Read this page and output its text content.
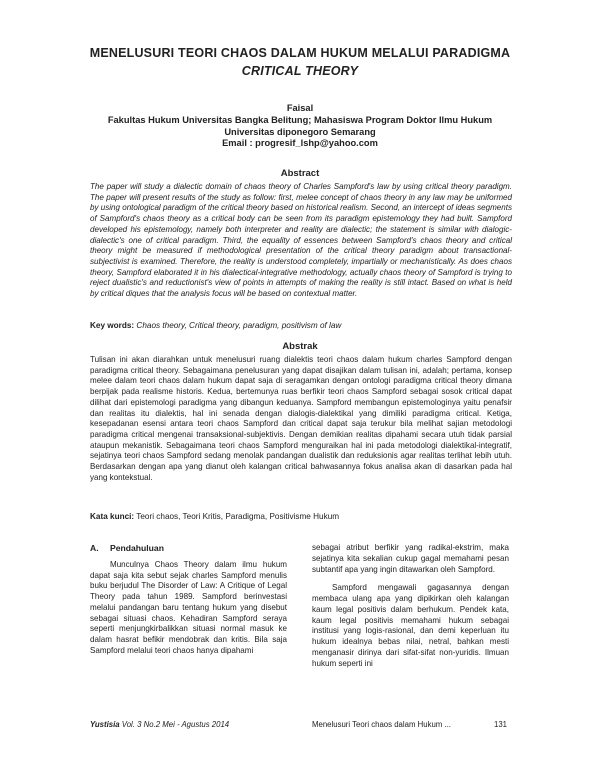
MENELUSURI TEORI CHAOS DALAM HUKUM MELALUI PARADIGMA
CRITICAL THEORY
Faisal
Fakultas Hukum Universitas Bangka Belitung; Mahasiswa Program Doktor Ilmu Hukum
Universitas diponegoro Semarang
Email : progresif_lshp@yahoo.com
Abstract

The paper will study a dialectic domain of chaos theory of Charles Sampford's law by using critical theory paradigm. The paper will present results of the study as follow: first, melee concept of chaos theory in any law may be uniformed by using ontological paradigm of the critical theory based on historical realism. Second, an intercept of ideas segments of Sampford's chaos theory as a critical body can be seen from its paradigm epistemology they had built. Sampford developed his epistemology, namely both interpreter and reality are dialectic; the statement is similar with dialogic-dialectic's one of critical paradigm. Third, the equality of essences between Sampford's chaos theory and critical theory might be measured if methodological presentation of the critical theory paradigm about transactional-subjectivist is examined. Therefore, the reality is understood completely, impartially or mechanistically. As does chaos theory, Sampford elaborated it in his dialectical-integrative methodology, actually chaos theory of Sampford is trying to reject dualistic's and reductionist's view of points in attempts of making the reality is still intact. Based on what is held by critical diques that the analysis focus will be based on contextual matter.

Key words: Chaos theory, Critical theory, paradigm, positivism of law
Abstrak

Tulisan ini akan diarahkan untuk menelusuri ruang dialektis teori chaos dalam hukum charles Sampford dengan paradigma critical theory. Sebagaimana penelusuran yang dapat disajikan dalam tulisan ini, adalah; pertama, konsep melee dalam teori chaos dalam hukum dapat saja di seragamkan dengan ontologi paradigma critical theory dimana berpijak pada realisme historis. Kedua, bertemunya ruas berfikir teori chaos Sampford sebagai sosok critical dapat dilihat dari epistemologi paradigma yang dibangun keduanya. Sampford membangun epistemologinya yaitu penafsir dan realitas itu dialektis, hal ini senada dengan dialogis-dialektikal yang dimiliki paradigma critical. Ketiga, kesepadanan esensi antara teori chaos Sampford dan critical dapat saja terukur bila melihat sajian metodologi paradigma critical mengenai transaksional-subjektivis. Dengan demikian realitas dipahami secara utuh tidak parsial ataupun mekanistik. Sebagaimana teori chaos Sampford menguraikan hal ini pada metodologi dialektikal-integratif, sejatinya teori chaos Sampford sedang menolak pandangan dualistik dan reduksionis agar realitas terlihat lebih utuh. Berdasarkan dengan apa yang dianut oleh kalangan critical bahwasannya fokus analisa akan di dasarkan pada hal yang kontekstual.

Kata kunci: Teori chaos, Teori Kritis, Paradigma, Positivisme Hukum
A. Pendahuluan

Munculnya Chaos Theory dalam ilmu hukum dapat saja kita sebut sejak charles Sampford menulis buku berjudul The Disorder of Law: A Critique of Legal Theory pada tahun 1989. Sampford berinvestasi melalui pandangan baru tentang hukum yang disebut sebagai situasi chaos. Kehadiran Sampford seraya seperti menjungkirbalikkan situasi normal masuk ke dalam hasrat befikir mendobrak dan kritis. Bila saja Sampford melalui teori chaos hanya dipahami

sebagai atribut berfikir yang radikal-ekstrim, maka sejatinya kita sekalian cukup gagal memahami pesan subtantif apa yang ingin ditawarkan oleh Sampford.

Sampford mengawali gagasannya dengan membaca ulang apa yang dipikirkan oleh kalangan kaum legal positivis dalam berhukum. Pendek kata, kaum legal positivis memahami hukum sebagai institusi yang logis-rasional, dan demi keperluan itu hukum idealnya bebas nilai, netral, bahkan mesti menganasir dirinya dari sifat-sifat non-yuridis. Ilmuan hukum seperti ini

Yustisia Vol. 3 No.2 Mei - Agustus 2014	Menelusuri Teori chaos dalam Hukum ...	131
